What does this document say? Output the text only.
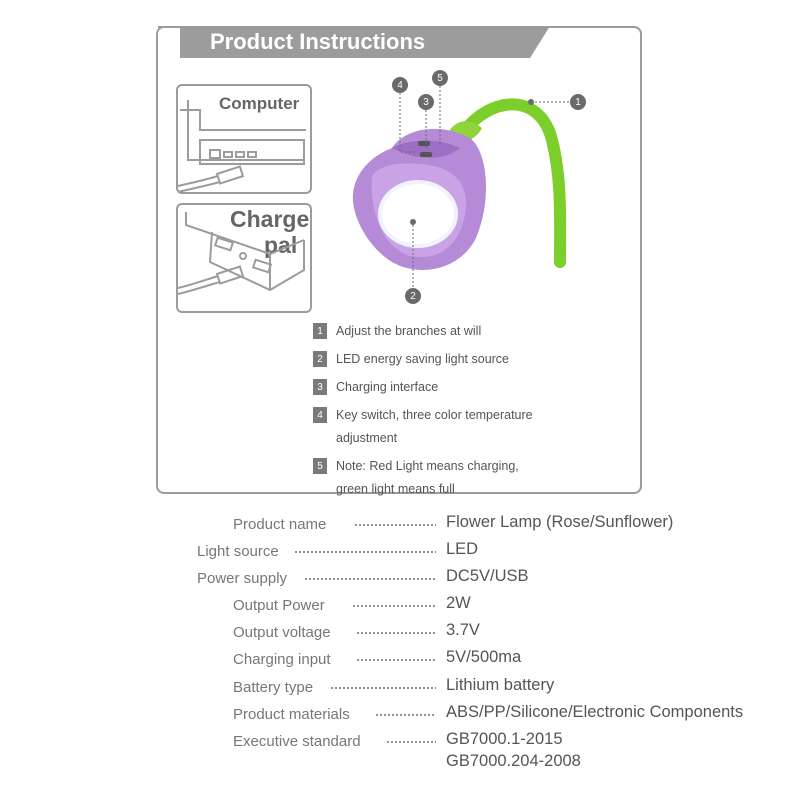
Product Instructions
Computer
Charge
pal
1
2
3
4
5
1	Adjust the branches at will
2	LED energy saving light source
3	Charging interface
4	Key switch, three color temperature adjustment
5	Note: Red Light means charging, green light means full
Product name	Flower Lamp (Rose/Sunflower)
Light source	LED
Power supply	DC5V/USB
Output Power	2W
Output voltage	3.7V
Charging input	5V/500ma
Battery type	Lithium battery
Product materials	ABS/PP/Silicone/Electronic Components
Executive standard	GB7000.1-2015
GB7000.204-2008
